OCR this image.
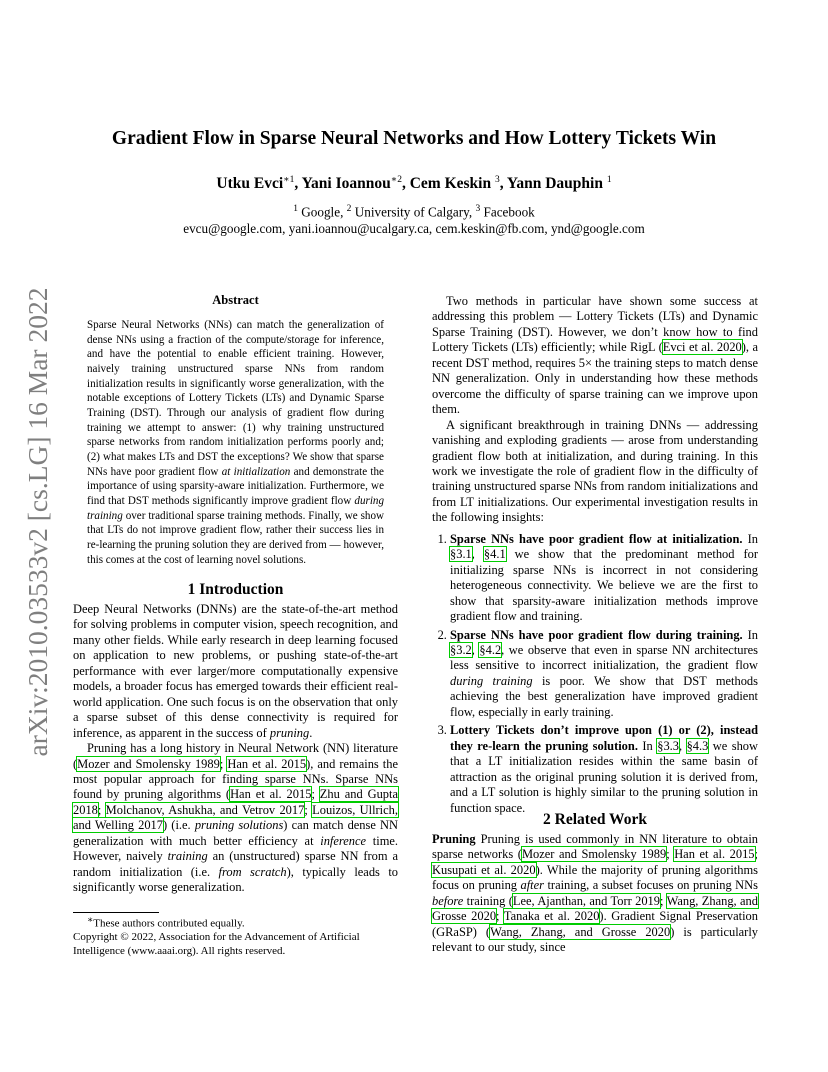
arXiv:2010.03533v2 [cs.LG] 16 Mar 2022
Gradient Flow in Sparse Neural Networks and How Lottery Tickets Win
Utku Evci$^{∗1}$, Yani Ioannou$^{∗2}$, Cem Keskin $^3$, Yann Dauphin $^1$
$^1$ Google, $^2$ University of Calgary, $^3$ Facebook
evcu@google.com, yani.ioannou@ucalgary.ca, cem.keskin@fb.com, ynd@google.com
Abstract
Sparse Neural Networks (NNs) can match the generalization of dense NNs using a fraction of the compute/storage for inference, and have the potential to enable efficient training. However, naively training unstructured sparse NNs from random initialization results in significantly worse generalization, with the notable exceptions of Lottery Tickets (LTs) and Dynamic Sparse Training (DST). Through our analysis of gradient flow during training we attempt to answer: (1) why training unstructured sparse networks from random initialization performs poorly and; (2) what makes LTs and DST the exceptions? We show that sparse NNs have poor gradient flow at initialization and demonstrate the importance of using sparsity-aware initialization. Furthermore, we find that DST methods significantly improve gradient flow during training over traditional sparse training methods. Finally, we show that LTs do not improve gradient flow, rather their success lies in re-learning the pruning solution they are derived from — however, this comes at the cost of learning novel solutions.
1 Introduction

Deep Neural Networks (DNNs) are the state-of-the-art method for solving problems in computer vision, speech recognition, and many other fields. While early research in deep learning focused on application to new problems, or pushing state-of-the-art performance with ever larger/more computationally expensive models, a broader focus has emerged towards their efficient real-world application. One such focus is on the observation that only a sparse subset of this dense connectivity is required for inference, as apparent in the success of pruning.

Pruning has a long history in Neural Network (NN) literature (Mozer and Smolensky 1989; Han et al. 2015), and remains the most popular approach for finding sparse NNs. Sparse NNs found by pruning algorithms (Han et al. 2015; Zhu and Gupta 2018; Molchanov, Ashukha, and Vetrov 2017; Louizos, Ullrich, and Welling 2017) (i.e. pruning solutions) can match dense NN generalization with much better efficiency at inference time. However, naively training an (unstructured) sparse NN from a random initialization (i.e. from scratch), typically leads to significantly worse generalization.

∗These authors contributed equally.
Copyright © 2022, Association for the Advancement of Artificial Intelligence (www.aaai.org). All rights reserved.

Two methods in particular have shown some success at addressing this problem — Lottery Tickets (LTs) and Dynamic Sparse Training (DST). However, we don’t know how to find Lottery Tickets (LTs) efficiently; while RigL (Evci et al. 2020), a recent DST method, requires 5× the training steps to match dense NN generalization. Only in understanding how these methods overcome the difficulty of sparse training can we improve upon them.

A significant breakthrough in training DNNs — addressing vanishing and exploding gradients — arose from understanding gradient flow both at initialization, and during training. In this work we investigate the role of gradient flow in the difficulty of training unstructured sparse NNs from random initializations and from LT initializations. Our experimental investigation results in the following insights:

1. Sparse NNs have poor gradient flow at initialization. In §3.1, §4.1 we show that the predominant method for initializing sparse NNs is incorrect in not considering heterogeneous connectivity. We believe we are the first to show that sparsity-aware initialization methods improve gradient flow and training.
2. Sparse NNs have poor gradient flow during training. In §3.2, §4.2, we observe that even in sparse NN architectures less sensitive to incorrect initialization, the gradient flow during training is poor. We show that DST methods achieving the best generalization have improved gradient flow, especially in early training.
3. Lottery Tickets don’t improve upon (1) or (2), instead they re-learn the pruning solution. In §3.3, §4.3 we show that a LT initialization resides within the same basin of attraction as the original pruning solution it is derived from, and a LT solution is highly similar to the pruning solution in function space.
2 Related Work

Pruning Pruning is used commonly in NN literature to obtain sparse networks (Mozer and Smolensky 1989; Han et al. 2015; Kusupati et al. 2020). While the majority of pruning algorithms focus on pruning after training, a subset focuses on pruning NNs before training (Lee, Ajanthan, and Torr 2019; Wang, Zhang, and Grosse 2020; Tanaka et al. 2020). Gradient Signal Preservation (GRaSP) (Wang, Zhang, and Grosse 2020) is particularly relevant to our study, since
